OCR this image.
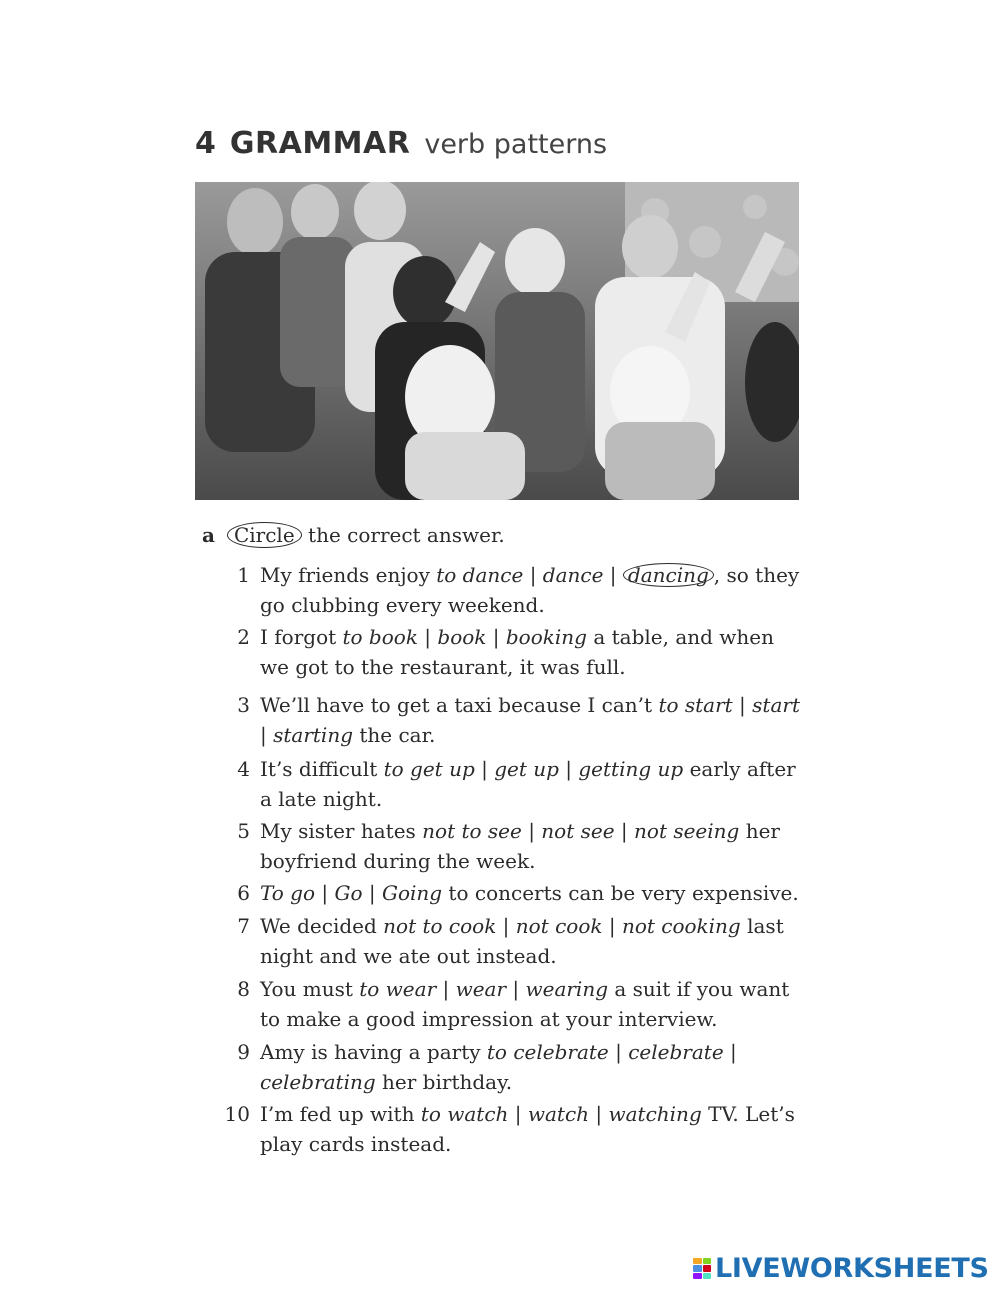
4 GRAMMAR verb patterns
a Circle the correct answer.
1 My friends enjoy to dance | dance | dancing , so they go clubbing every weekend.
2 I forgot to book | book | booking a table, and when we got to the restaurant, it was full.
3 We’ll have to get a taxi because I can’t to start | start | starting the car.
4 It’s difficult to get up | get up | getting up early after a late night.
5 My sister hates not to see | not see | not seeing her boyfriend during the week.
6 To go | Go | Going to concerts can be very expensive.
7 We decided not to cook | not cook | not cooking last night and we ate out instead.
8 You must to wear | wear | wearing a suit if you want to make a good impression at your interview.
9 Amy is having a party to celebrate | celebrate | celebrating her birthday.
10 I’m fed up with to watch | watch | watching TV. Let’s play cards instead.
LIVEWORKSHEETS
